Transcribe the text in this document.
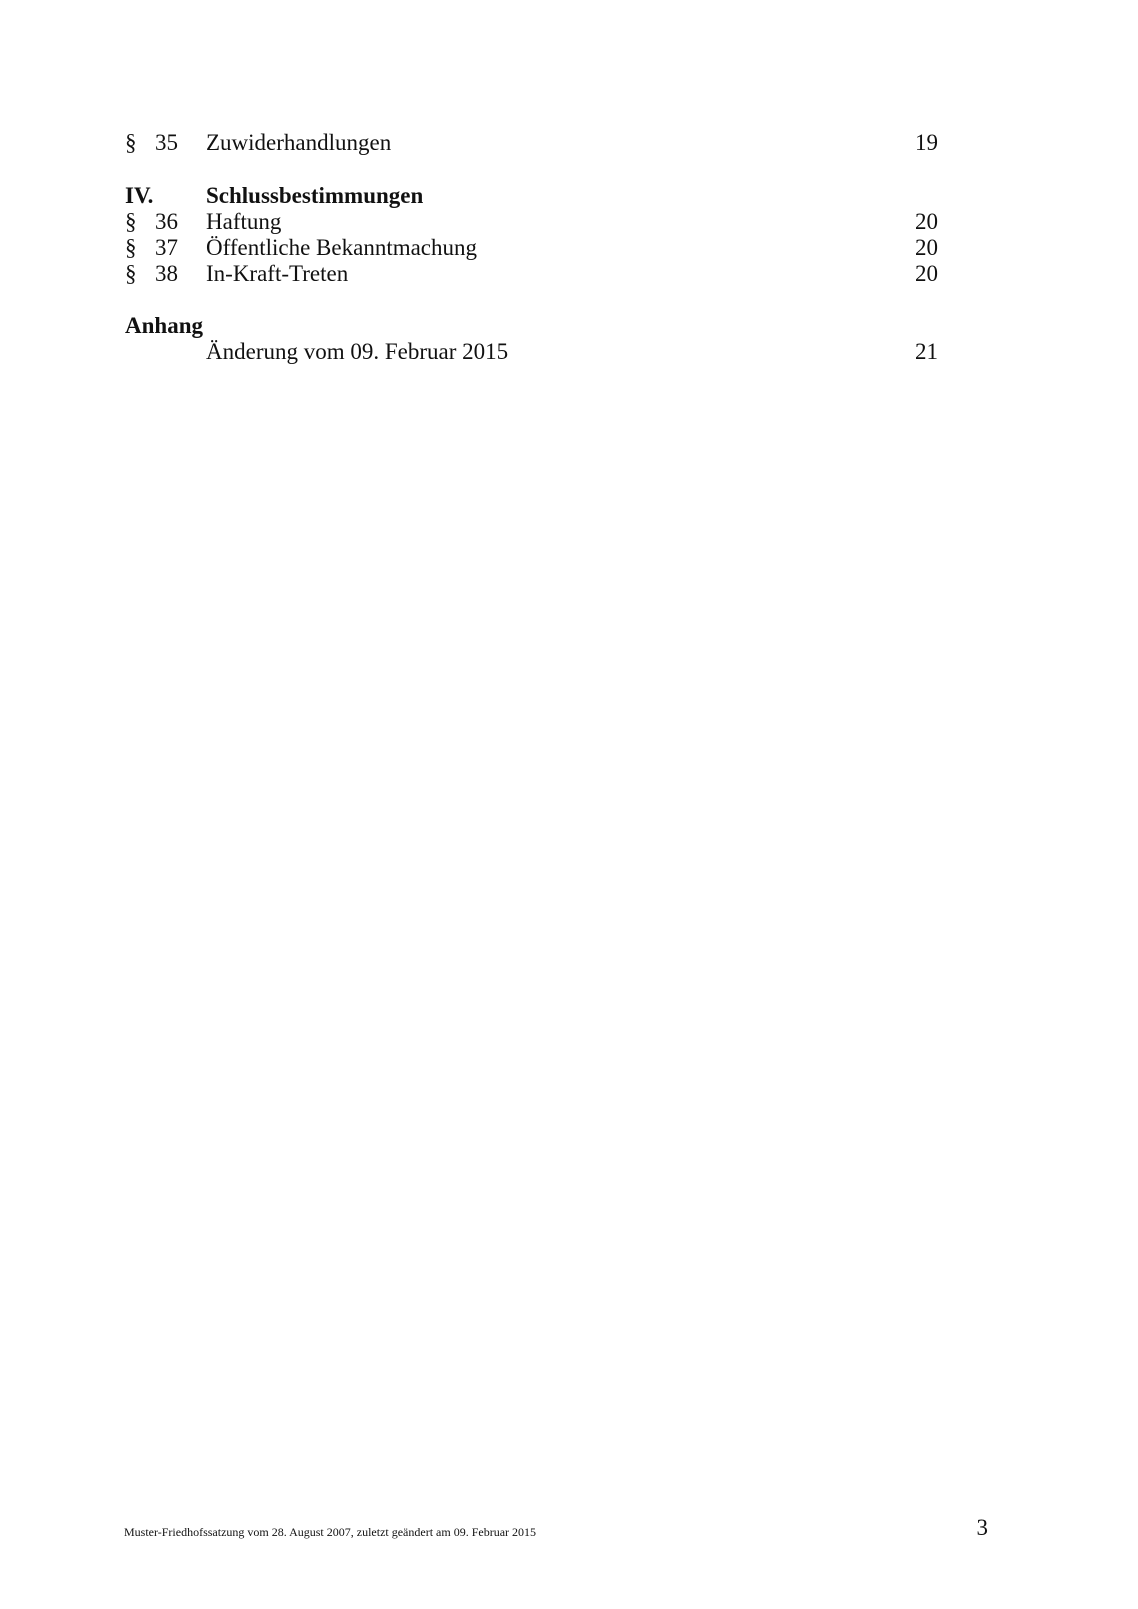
§ 35 Zuwiderhandlungen	19
IV. Schlussbestimmungen
§ 36 Haftung	20
§ 37 Öffentliche Bekanntmachung	20
§ 38 In-Kraft-Treten	20
Anhang
Änderung vom 09. Februar 2015	21
Muster-Friedhofssatzung vom 28. August 2007, zuletzt geändert am 09. Februar 2015	3
